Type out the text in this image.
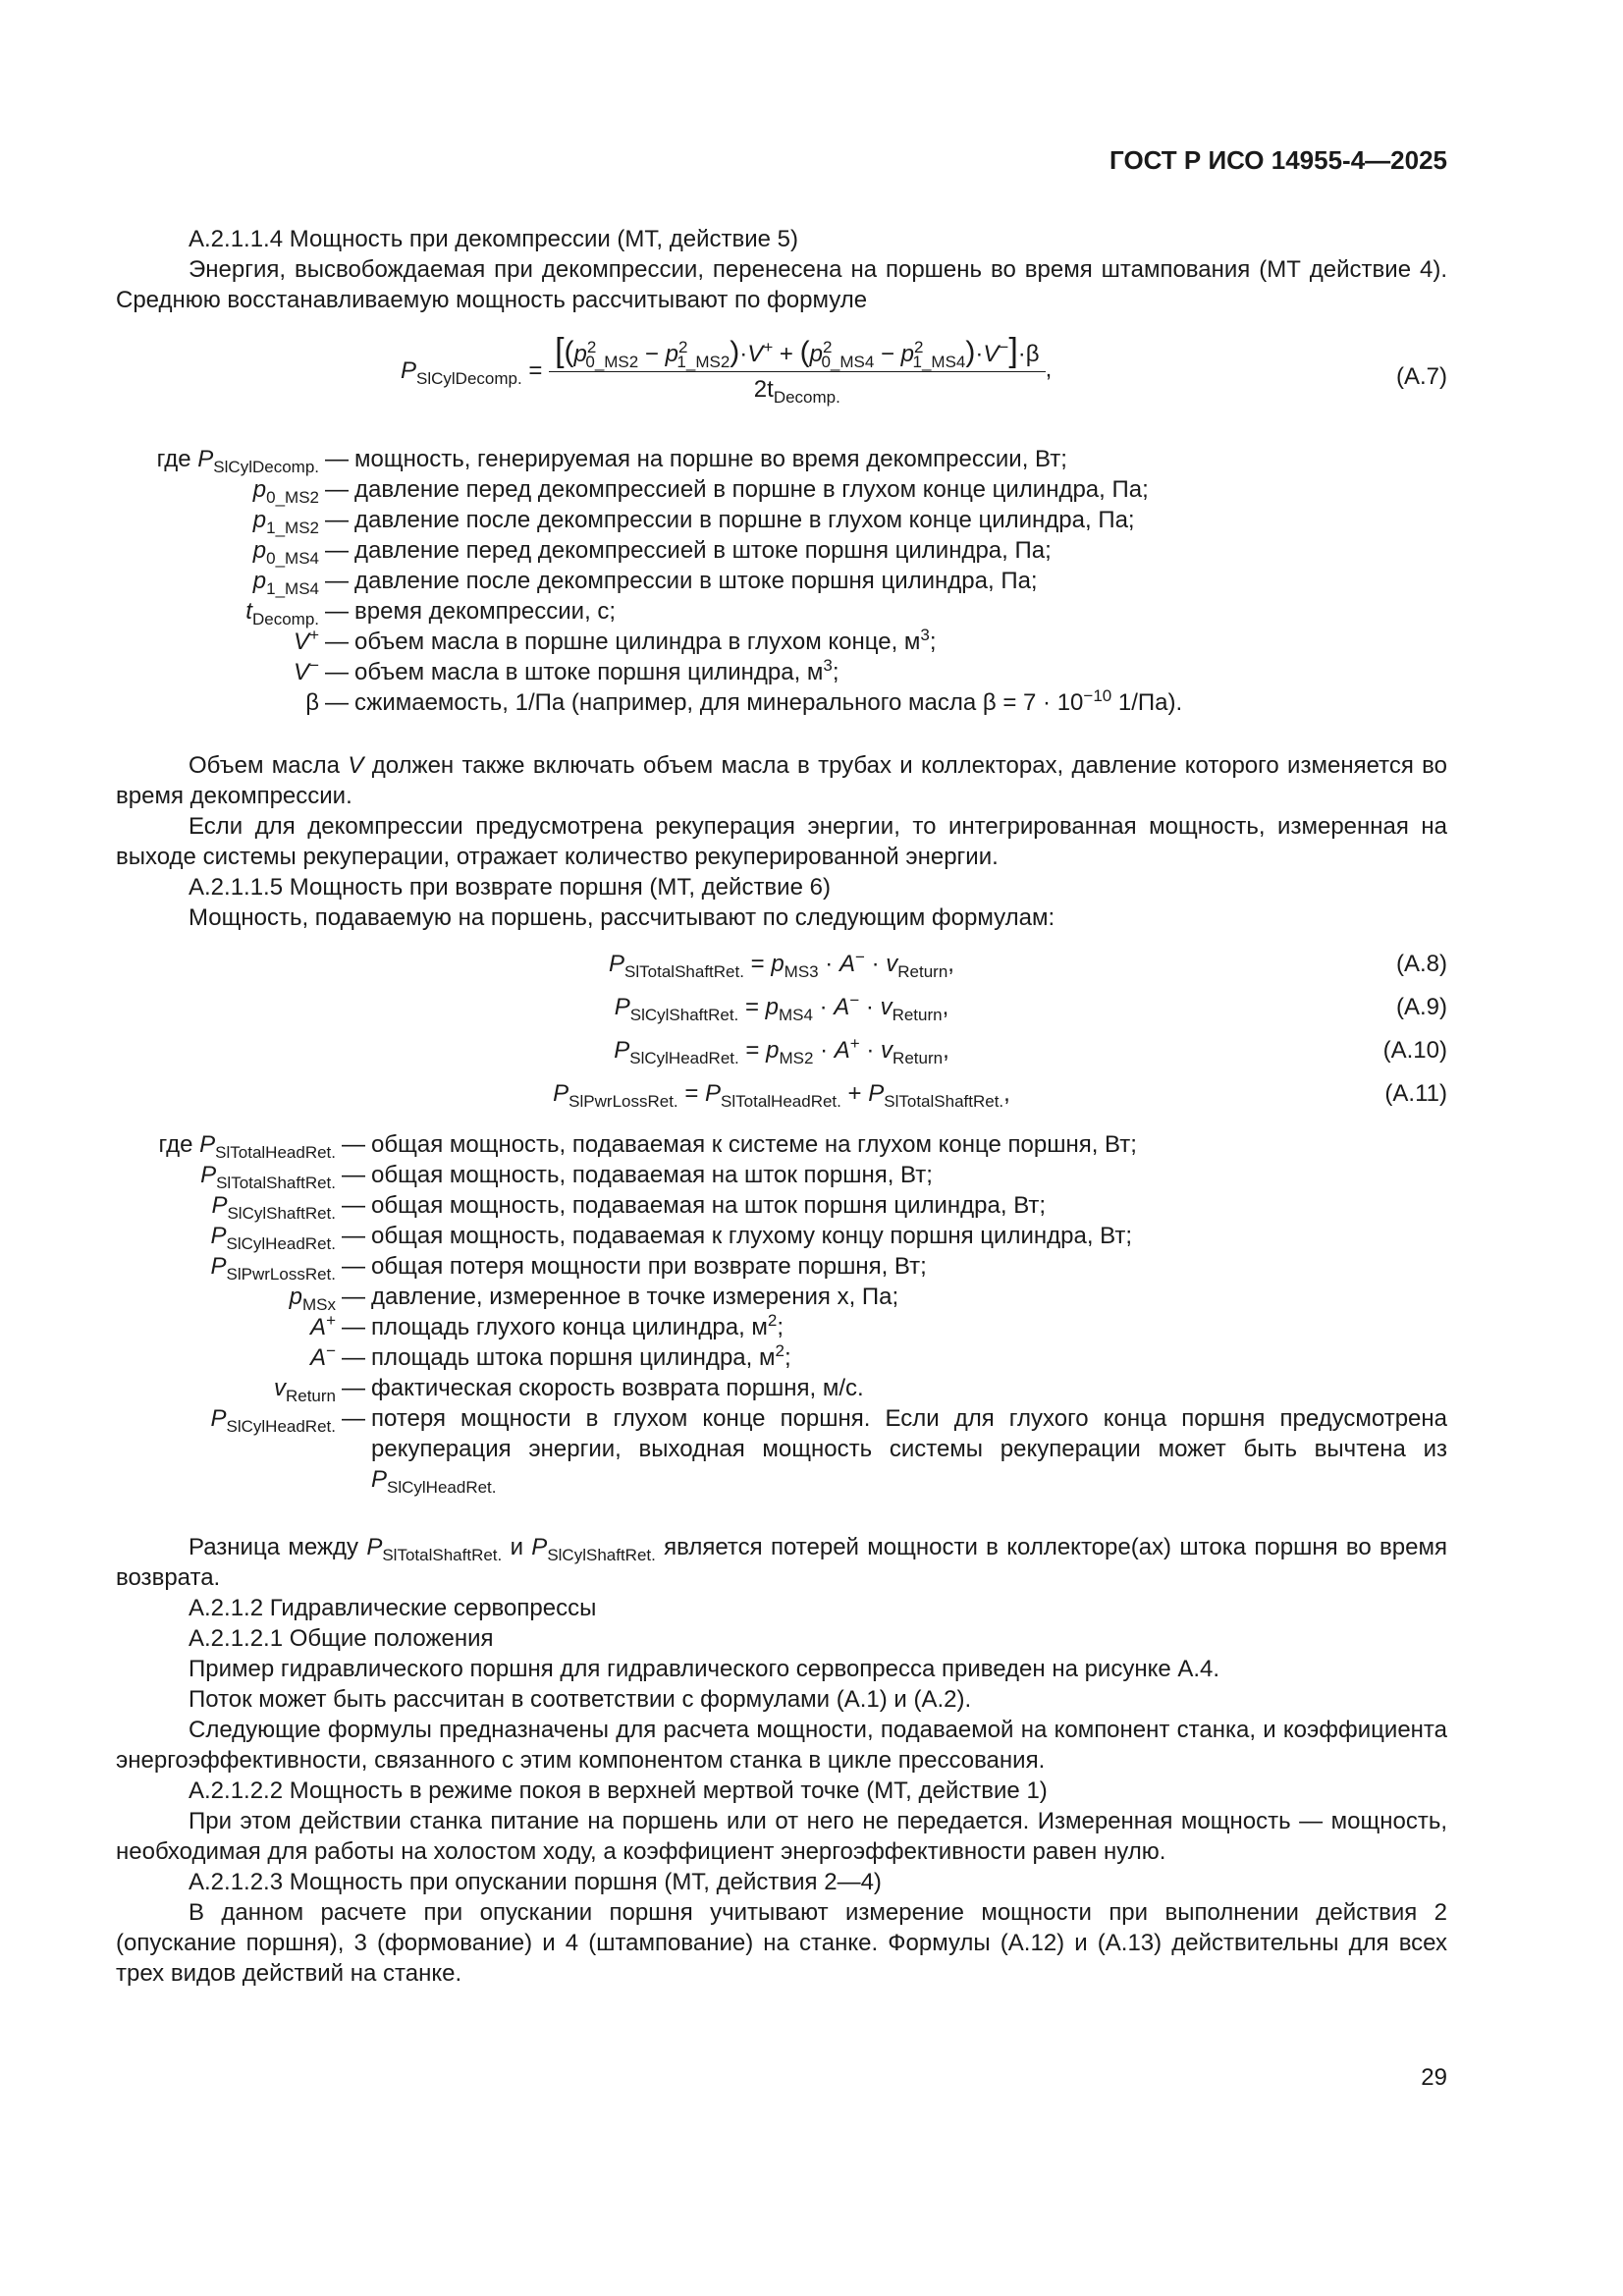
ГОСТ Р ИСО 14955-4—2025

А.2.1.1.4 Мощность при декомпрессии (МТ, действие 5)

Энергия, высвобождаемая при декомпрессии, перенесена на поршень во время штампования (МТ действие 4). Среднюю восстанавливаемую мощность рассчитывают по формуле

$P_{SlCylDecomp.} = \frac{[(p^2_{0\_MS2} - p^2_{1\_MS2})\cdot V^+ + (p^2_{0\_MS4} - p^2_{1\_MS4})\cdot V^-]\cdot\beta}{2t_{Decomp.}}$ ,	(A.7)
где $P_{SlCylDecomp.}$ — мощность, генерируемая на поршне во время декомпрессии, Вт;
$p_{0\_MS2}$ — давление перед декомпрессией в поршне в глухом конце цилиндра, Па;
$p_{1\_MS2}$ — давление после декомпрессии в поршне в глухом конце цилиндра, Па;
$p_{0\_MS4}$ — давление перед декомпрессией в штоке поршня цилиндра, Па;
$p_{1\_MS4}$ — давление после декомпрессии в штоке поршня цилиндра, Па;
$t_{Decomp.}$ — время декомпрессии, с;
V+ — объем масла в поршне цилиндра в глухом конце, $м^3$;
V− — объем масла в штоке поршня цилиндра, $м^3$;
β — сжимаемость, 1/Па (например, для минерального масла $\beta = 7 \cdot 10^{-10}$ 1/Па).

Объем масла V должен также включать объем масла в трубах и коллекторах, давление которого изменяется во время декомпрессии.

Если для декомпрессии предусмотрена рекуперация энергии, то интегрированная мощность, измеренная на выходе системы рекуперации, отражает количество рекуперированной энергии.

А.2.1.1.5 Мощность при возврате поршня (МТ, действие 6)

Мощность, подаваемую на поршень, рассчитывают по следующим формулам:

$P_{SlTotalShaftRet.} = p_{MS3} \cdot A^- \cdot v_{Return}$,	(A.8)
$P_{SlCylShaftRet.} = p_{MS4} \cdot A^- \cdot v_{Return}$,	(A.9)
$P_{SlCylHeadRet.} = p_{MS2} \cdot A^+ \cdot v_{Return}$,	(A.10)
$P_{SlPwrLossRet.} = P_{SlTotalHeadRet.} + P_{SlTotalShaftRet.}$,	(A.11)
где $P_{SlTotalHeadRet.}$ — общая мощность, подаваемая к системе на глухом конце поршня, Вт;
$P_{SlTotalShaftRet.}$ — общая мощность, подаваемая на шток поршня, Вт;
$P_{SlCylShaftRet.}$ — общая мощность, подаваемая на шток поршня цилиндра, Вт;
$P_{SlCylHeadRet.}$ — общая мощность, подаваемая к глухому концу поршня цилиндра, Вт;
$P_{SlPwrLossRet.}$ — общая потеря мощности при возврате поршня, Вт;
$p_{MSx}$ — давление, измеренное в точке измерения х, Па;
A+ — площадь глухого конца цилиндра, $м^2$;
A− — площадь штока поршня цилиндра, $м^2$;
$v_{Return}$ — фактическая скорость возврата поршня, м/с.
$P_{SlCylHeadRet.}$ — потеря мощности в глухом конце поршня. Если для глухого конца поршня предусмотрена рекуперация энергии, выходная мощность системы рекуперации может быть вычтена из $P_{SlCylHeadRet.}$

Разница между $P_{SlTotalShaftRet.}$ и $P_{SlCylShaftRet.}$ является потерей мощности в коллекторе(ах) штока поршня во время возврата.

А.2.1.2 Гидравлические сервопрессы

А.2.1.2.1 Общие положения

Пример гидравлического поршня для гидравлического сервопресса приведен на рисунке А.4.

Поток может быть рассчитан в соответствии с формулами (А.1) и (А.2).

Следующие формулы предназначены для расчета мощности, подаваемой на компонент станка, и коэффициента энергоэффективности, связанного с этим компонентом станка в цикле прессования.

А.2.1.2.2 Мощность в режиме покоя в верхней мертвой точке (МТ, действие 1)

При этом действии станка питание на поршень или от него не передается. Измеренная мощность — мощность, необходимая для работы на холостом ходу, а коэффициент энергоэффективности равен нулю.

А.2.1.2.3 Мощность при опускании поршня (МТ, действия 2—4)

В данном расчете при опускании поршня учитывают измерение мощности при выполнении действия 2 (опускание поршня), 3 (формование) и 4 (штампование) на станке. Формулы (А.12) и (А.13) действительны для всех трех видов действий на станке.

29
